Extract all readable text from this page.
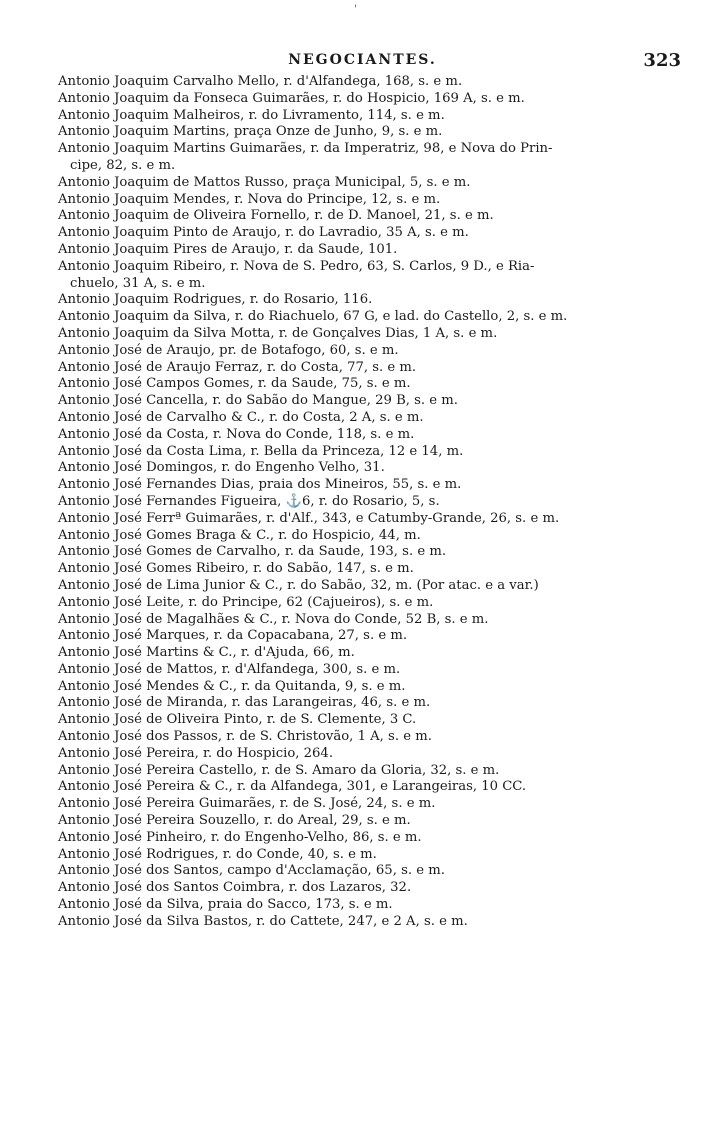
'
NEGOCIANTES.	323
Antonio Joaquim Carvalho Mello, r. d'Alfandega, 168, s. e m.
Antonio Joaquim da Fonseca Guimarães, r. do Hospicio, 169 A, s. e m.
Antonio Joaquim Malheiros, r. do Livramento, 114, s. e m.
Antonio Joaquim Martins, praça Onze de Junho, 9, s. e m.
Antonio Joaquim Martins Guimarães, r. da Imperatriz, 98, e Nova do Prin-
cipe, 82, s. e m.
Antonio Joaquim de Mattos Russo, praça Municipal, 5, s. e m.
Antonio Joaquim Mendes, r. Nova do Principe, 12, s. e m.
Antonio Joaquim de Oliveira Fornello, r. de D. Manoel, 21, s. e m.
Antonio Joaquim Pinto de Araujo, r. do Lavradio, 35 A, s. e m.
Antonio Joaquim Pires de Araujo, r. da Saude, 101.
Antonio Joaquim Ribeiro, r. Nova de S. Pedro, 63, S. Carlos, 9 D., e Ria-
chuelo, 31 A, s. e m.
Antonio Joaquim Rodrigues, r. do Rosario, 116.
Antonio Joaquim da Silva, r. do Riachuelo, 67 G, e lad. do Castello, 2, s. e m.
Antonio Joaquim da Silva Motta, r. de Gonçalves Dias, 1 A, s. e m.
Antonio José de Araujo, pr. de Botafogo, 60, s. e m.
Antonio José de Araujo Ferraz, r. do Costa, 77, s. e m.
Antonio José Campos Gomes, r. da Saude, 75, s. e m.
Antonio José Cancella, r. do Sabão do Mangue, 29 B, s. e m.
Antonio José de Carvalho & C., r. do Costa, 2 A, s. e m.
Antonio José da Costa, r. Nova do Conde, 118, s. e m.
Antonio José da Costa Lima, r. Bella da Princeza, 12 e 14, m.
Antonio José Domingos, r. do Engenho Velho, 31.
Antonio José Fernandes Dias, praia dos Mineiros, 55, s. e m.
Antonio José Fernandes Figueira, ⚓6, r. do Rosario, 5, s.
Antonio José Ferrª Guimarães, r. d'Alf., 343, e Catumby-Grande, 26, s. e m.
Antonio José Gomes Braga & C., r. do Hospicio, 44, m.
Antonio José Gomes de Carvalho, r. da Saude, 193, s. e m.
Antonio José Gomes Ribeiro, r. do Sabão, 147, s. e m.
Antonio José de Lima Junior & C., r. do Sabão, 32, m. (Por atac. e a var.)
Antonio José Leite, r. do Principe, 62 (Cajueiros), s. e m.
Antonio José de Magalhães & C., r. Nova do Conde, 52 B, s. e m.
Antonio José Marques, r. da Copacabana, 27, s. e m.
Antonio José Martins & C., r. d'Ajuda, 66, m.
Antonio José de Mattos, r. d'Alfandega, 300, s. e m.
Antonio José Mendes & C., r. da Quitanda, 9, s. e m.
Antonio José de Miranda, r. das Larangeiras, 46, s. e m.
Antonio José de Oliveira Pinto, r. de S. Clemente, 3 C.
Antonio José dos Passos, r. de S. Christovão, 1 A, s. e m.
Antonio José Pereira, r. do Hospicio, 264.
Antonio José Pereira Castello, r. de S. Amaro da Gloria, 32, s. e m.
Antonio José Pereira & C., r. da Alfandega, 301, e Larangeiras, 10 CC.
Antonio José Pereira Guimarães, r. de S. José, 24, s. e m.
Antonio José Pereira Souzello, r. do Areal, 29, s. e m.
Antonio José Pinheiro, r. do Engenho-Velho, 86, s. e m.
Antonio José Rodrigues, r. do Conde, 40, s. e m.
Antonio José dos Santos, campo d'Acclamação, 65, s. e m.
Antonio José dos Santos Coimbra, r. dos Lazaros, 32.
Antonio José da Silva, praia do Sacco, 173, s. e m.
Antonio José da Silva Bastos, r. do Cattete, 247, e 2 A, s. e m.
